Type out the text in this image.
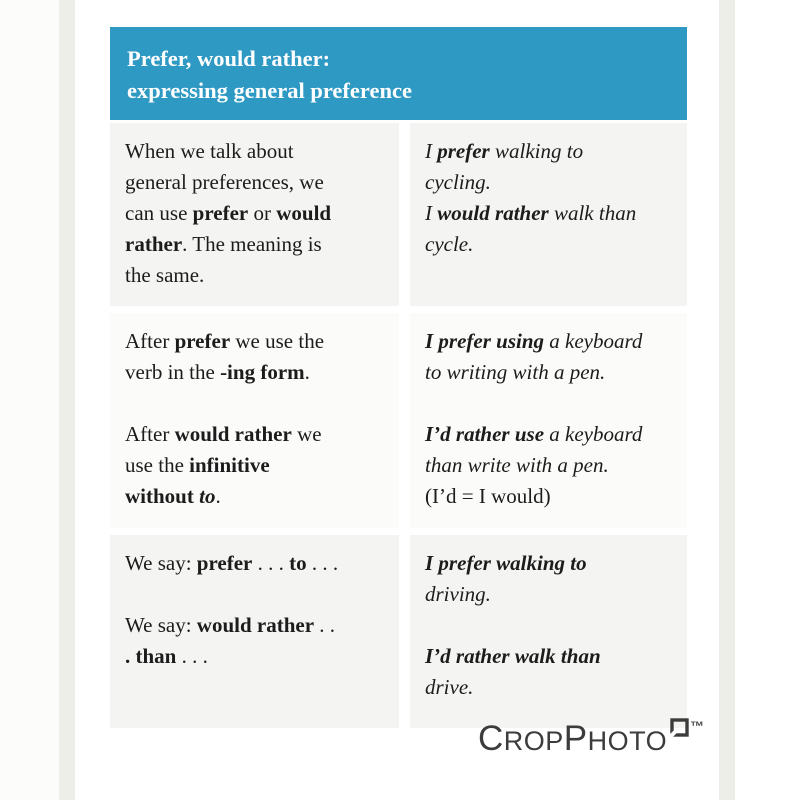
Prefer, would rather:
expressing general preference

When we talk about
general preferences, we
can use prefer or would
rather. The meaning is
the same.

I prefer walking to
cycling.
I would rather walk than
cycle.

After prefer we use the
verb in the -ing form.

After would rather we
use the infinitive
without to.

I prefer using a keyboard
to writing with a pen.

I’d rather use a keyboard
than write with a pen.
(I’d = I would)

We say: prefer . . . to . . .

We say: would rather . .
. than . . .

I prefer walking to
driving.

I’d rather walk than
drive.

CROPPHOTO ™
